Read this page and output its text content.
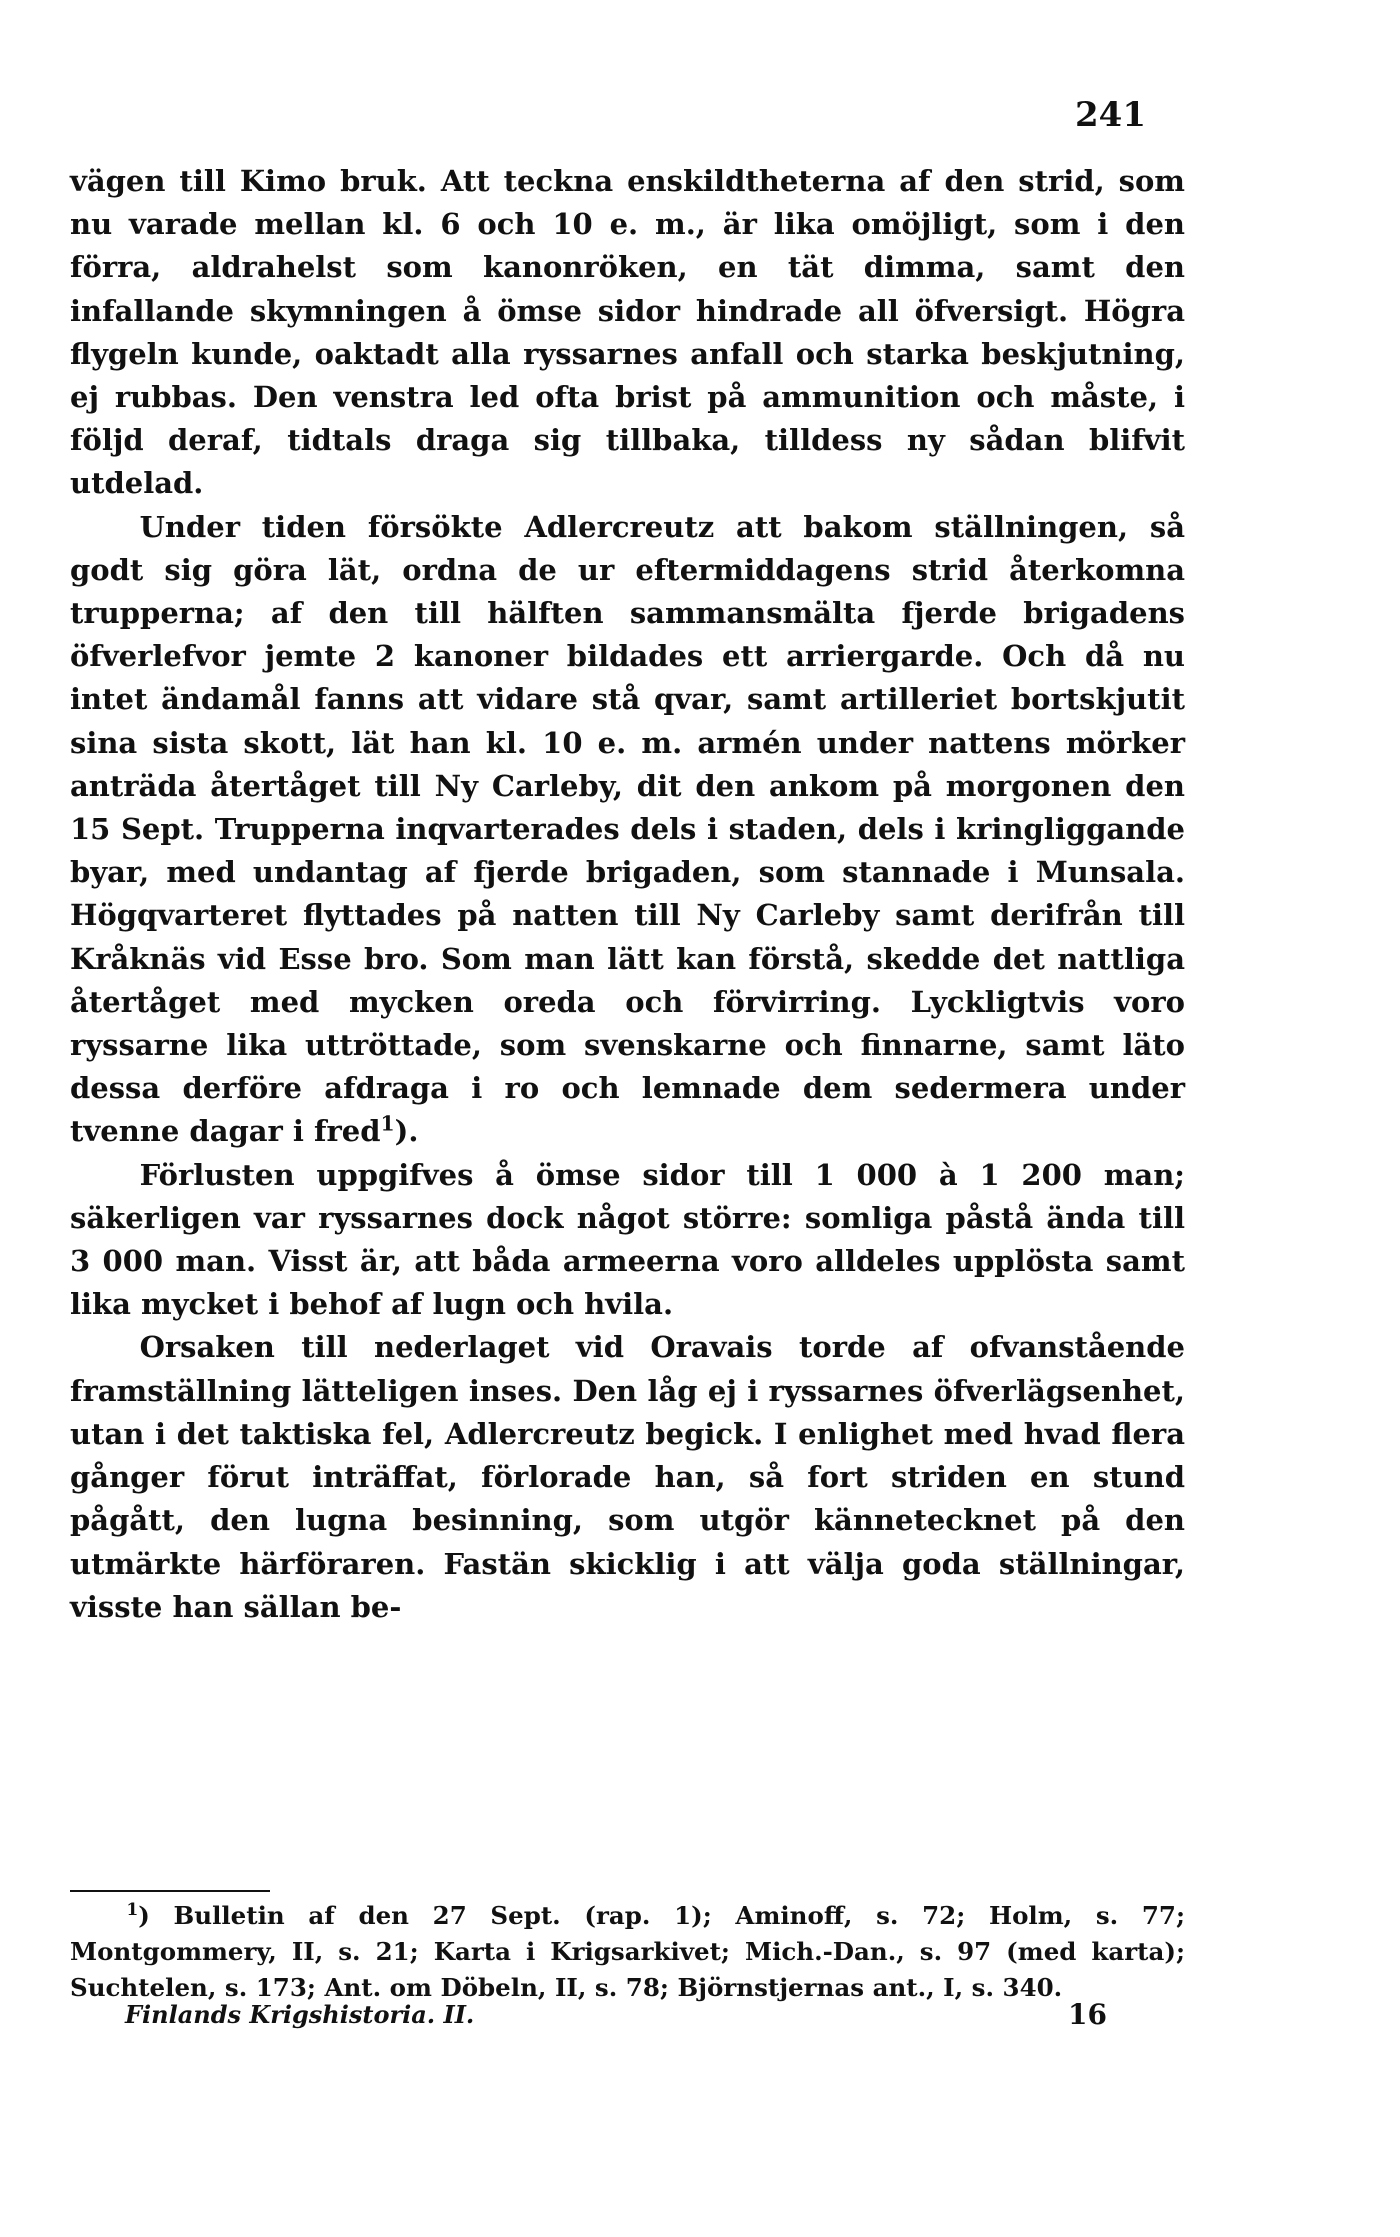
241

vägen till Kimo bruk. Att teckna enskildtheterna af den strid, som nu varade mellan kl. 6 och 10 e. m., är lika omöjligt, som i den förra, aldrahelst som kanonröken, en tät dimma, samt den infallande skymningen å ömse sidor hindrade all öfversigt. Högra flygeln kunde, oaktadt alla ryssarnes anfall och starka beskjutning, ej rubbas. Den venstra led ofta brist på ammunition och måste, i följd deraf, tidtals draga sig tillbaka, tilldess ny sådan blifvit utdelad.

Under tiden försökte Adlercreutz att bakom ställningen, så godt sig göra lät, ordna de ur eftermiddagens strid återkomna trupperna; af den till hälften sammansmälta fjerde brigadens öfverlefvor jemte 2 kanoner bildades ett arriergarde. Och då nu intet ändamål fanns att vidare stå qvar, samt artilleriet bortskjutit sina sista skott, lät han kl. 10 e. m. armén under nattens mörker anträda återtåget till Ny Carleby, dit den ankom på morgonen den 15 Sept. Trupperna inqvarterades dels i staden, dels i kringliggande byar, med undantag af fjerde brigaden, som stannade i Munsala. Högqvarteret flyttades på natten till Ny Carleby samt derifrån till Kråknäs vid Esse bro. Som man lätt kan förstå, skedde det nattliga återtåget med mycken oreda och förvirring. Lyckligtvis voro ryssarne lika uttröttade, som svenskarne och finnarne, samt läto dessa derföre afdraga i ro och lemnade dem sedermera under tvenne dagar i fred$^1$).

Förlusten uppgifves å ömse sidor till 1 000 à 1 200 man; säkerligen var ryssarnes dock något större: somliga påstå ända till 3 000 man. Visst är, att båda armeerna voro alldeles upplösta samt lika mycket i behof af lugn och hvila.

Orsaken till nederlaget vid Oravais torde af ofvanstående framställning lätteligen inses. Den låg ej i ryssarnes öfverlägsenhet, utan i det taktiska fel, Adlercreutz begick. I enlighet med hvad flera gånger förut inträffat, förlorade han, så fort striden en stund pågått, den lugna besinning, som utgör kännetecknet på den utmärkte härföraren. Fastän skicklig i att välja goda ställningar, visste han sällan be-

$^1$) Bulletin af den 27 Sept. (rap. 1); Aminoff, s. 72; Holm, s. 77; Montgommery, II, s. 21; Karta i Krigsarkivet; Mich.-Dan., s. 97 (med karta); Suchtelen, s. 173; Ant. om Döbeln, II, s. 78; Björnstjernas ant., I, s. 340.
Finlands Krigshistoria. II.	16
